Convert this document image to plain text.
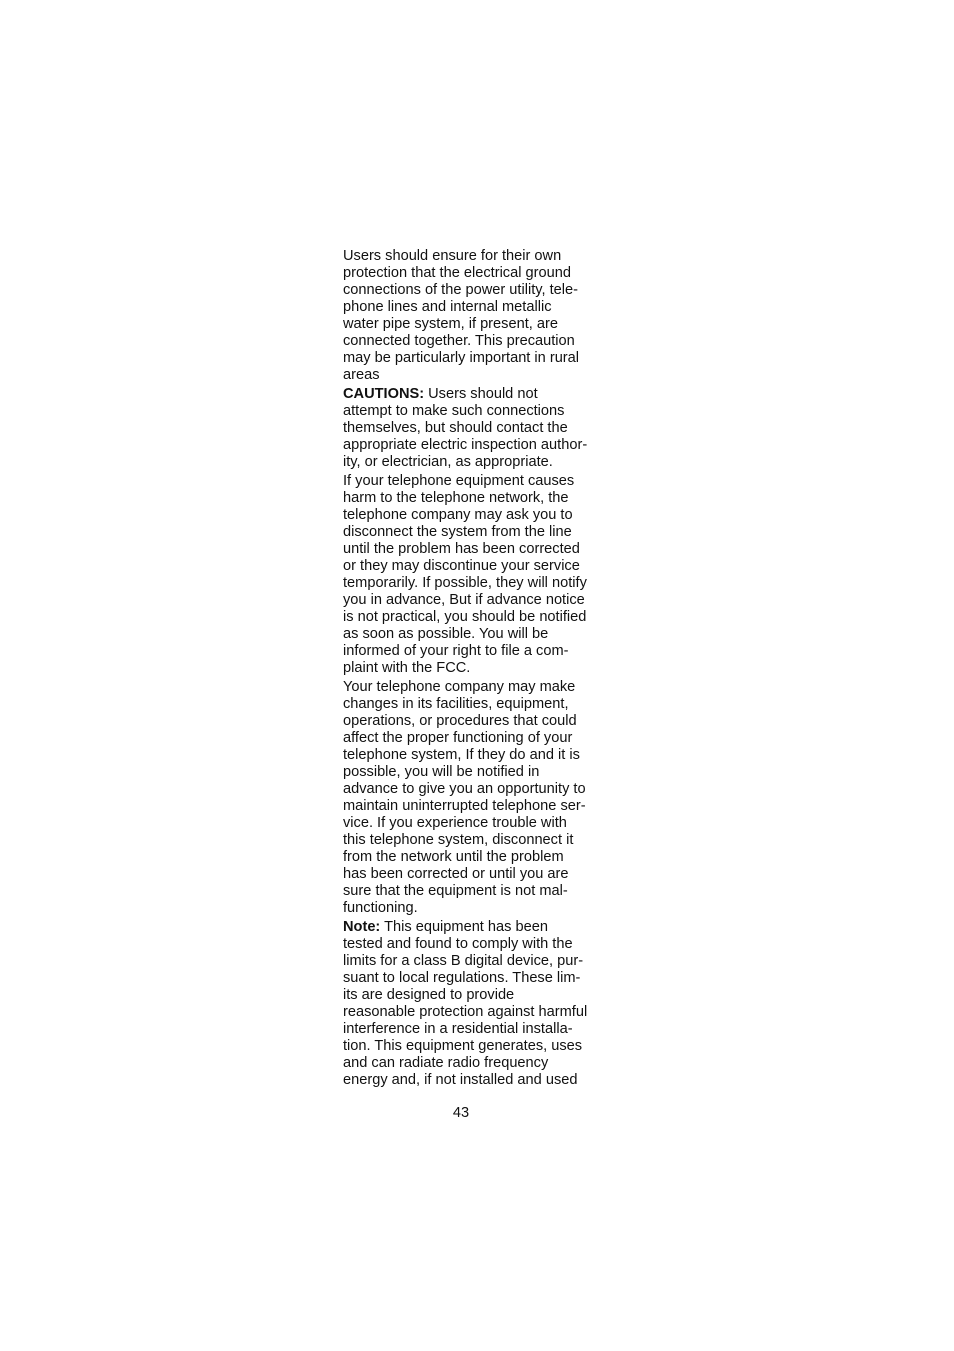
Users should ensure for their own
protection that the electrical ground
connections of the power utility, tele-
phone lines and internal metallic
water pipe system, if present, are
connected together. This precaution
may be particularly important in rural
areas

CAUTIONS: Users should not
attempt to make such connections
themselves, but should contact the
appropriate electric inspection author-
ity, or electrician, as appropriate.

If your telephone equipment causes
harm to the telephone network, the
telephone company may ask you to
disconnect the system from the line
until the problem has been corrected
or they may discontinue your service
temporarily. If possible, they will notify
you in advance, But if advance notice
is not practical, you should be notified
as soon as possible. You will be
informed of your right to file a com-
plaint with the FCC.

Your telephone company may make
changes in its facilities, equipment,
operations, or procedures that could
affect the proper functioning of your
telephone system, If they do and it is
possible, you will be notified in
advance to give you an opportunity to
maintain uninterrupted telephone ser-
vice. If you experience trouble with
this telephone system, disconnect it
from the network until the problem
has been corrected or until you are
sure that the equipment is not mal-
functioning.

Note: This equipment has been
tested and found to comply with the
limits for a class B digital device, pur-
suant to local regulations. These lim-
its are designed to provide
reasonable protection against harmful
interference in a residential installa-
tion. This equipment generates, uses
and can radiate radio frequency
energy and, if not installed and used

43
